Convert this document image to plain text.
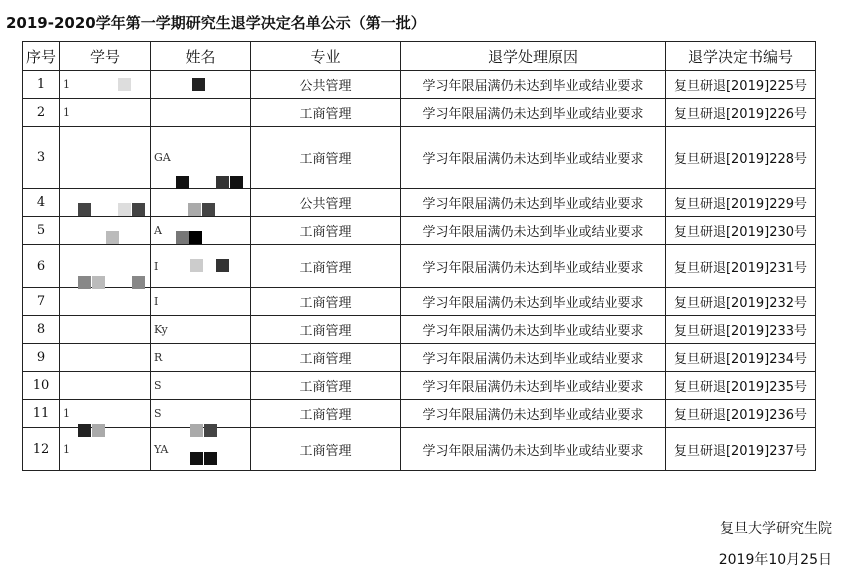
2019-2020学年第一学期研究生退学决定名单公示（第一批）
序号	学号	姓名	专业	退学处理原因	退学决定书编号
1	1		公共管理	学习年限届满仍未达到毕业或结业要求	复旦研退[2019]225号
2	1		工商管理	学习年限届满仍未达到毕业或结业要求	复旦研退[2019]226号
3		GA	工商管理	学习年限届满仍未达到毕业或结业要求	复旦研退[2019]228号
4			公共管理	学习年限届满仍未达到毕业或结业要求	复旦研退[2019]229号
5		A	工商管理	学习年限届满仍未达到毕业或结业要求	复旦研退[2019]230号
6		I	工商管理	学习年限届满仍未达到毕业或结业要求	复旦研退[2019]231号
7		I	工商管理	学习年限届满仍未达到毕业或结业要求	复旦研退[2019]232号
8		Ky	工商管理	学习年限届满仍未达到毕业或结业要求	复旦研退[2019]233号
9		R	工商管理	学习年限届满仍未达到毕业或结业要求	复旦研退[2019]234号
10		S	工商管理	学习年限届满仍未达到毕业或结业要求	复旦研退[2019]235号
11	1	S	工商管理	学习年限届满仍未达到毕业或结业要求	复旦研退[2019]236号
12	1	YA	工商管理	学习年限届满仍未达到毕业或结业要求	复旦研退[2019]237号
复旦大学研究生院
2019年10月25日
